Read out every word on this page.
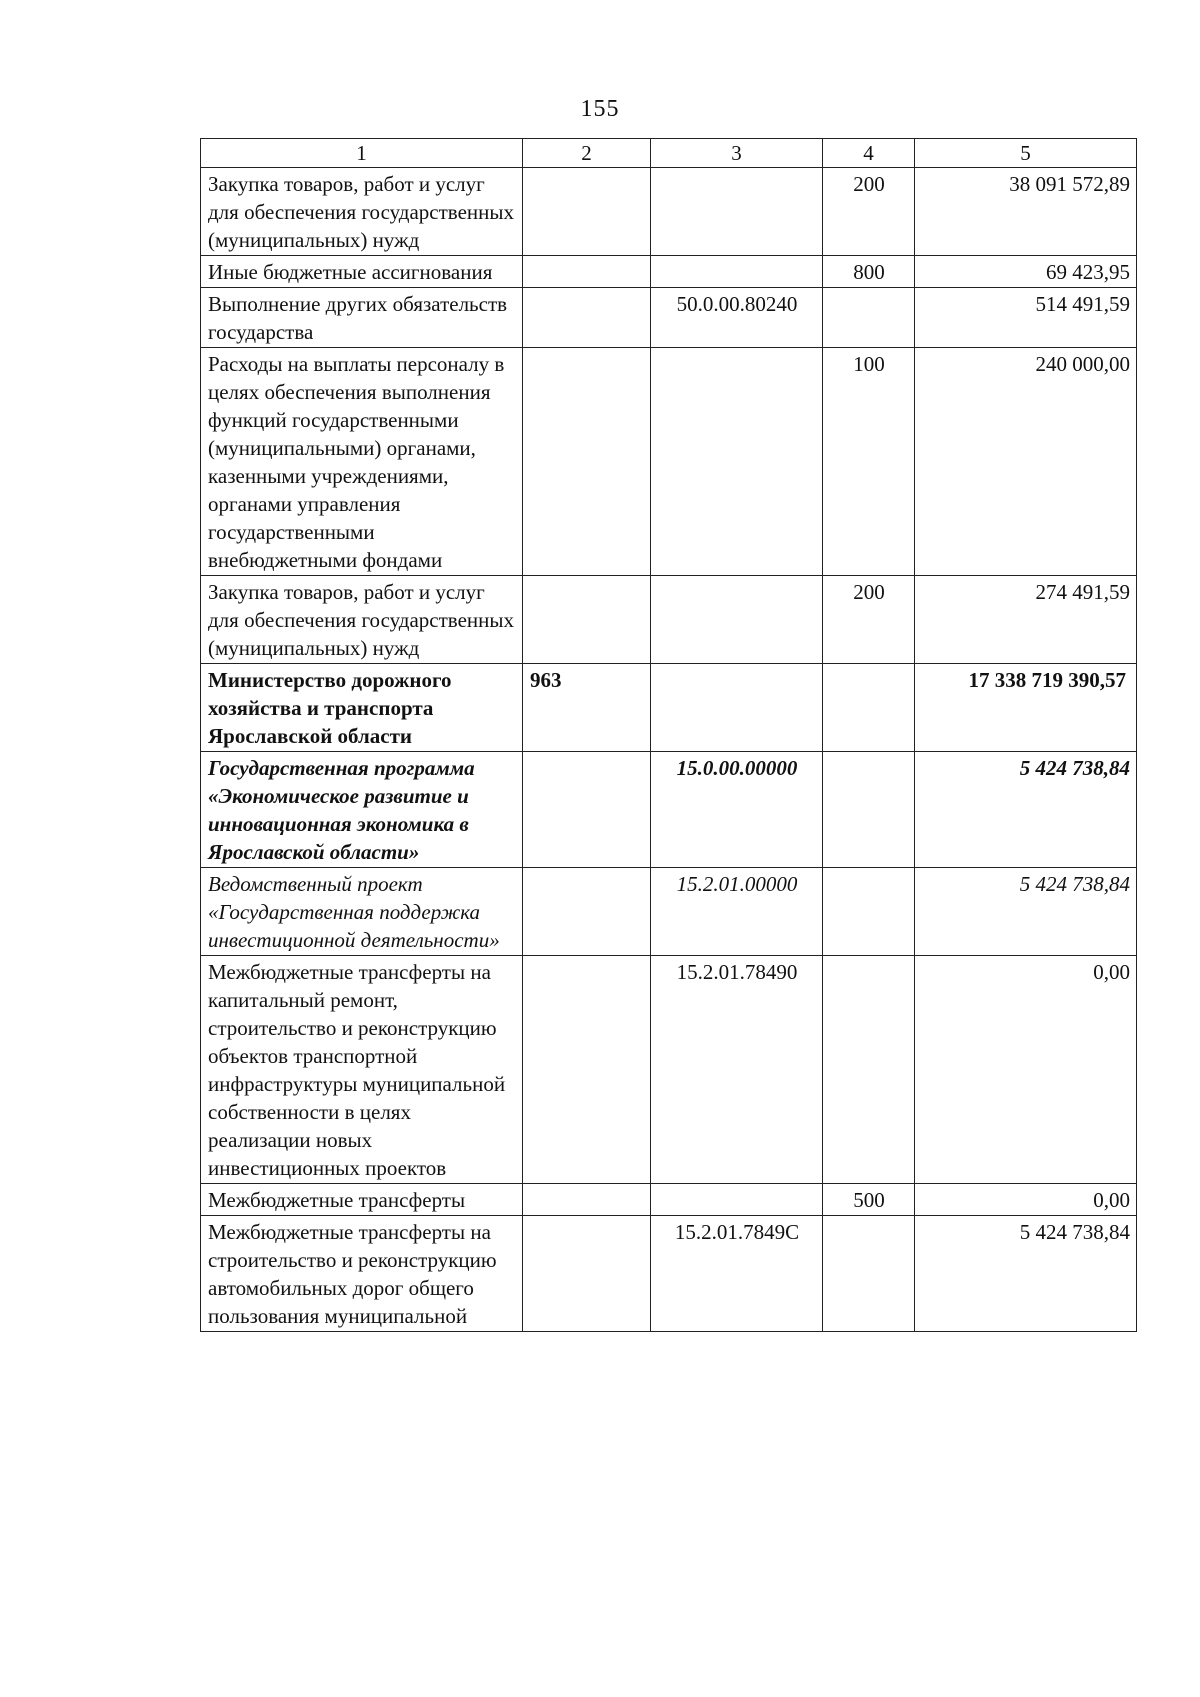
155
1	2	3	4	5
Закупка товаров, работ и услуг для обеспечения государственных (муниципальных) нужд			200	38 091 572,89
Иные бюджетные ассигнования			800	69 423,95
Выполнение других обязательств государства		50.0.00.80240		514 491,59
Расходы на выплаты персоналу в целях обеспечения выполнения функций государственными (муниципальными) органами, казенными учреждениями, органами управления государственными внебюджетными фондами			100	240 000,00
Закупка товаров, работ и услуг для обеспечения государственных (муниципальных) нужд			200	274 491,59
Министерство дорожного хозяйства и транспорта Ярославской области	963			17 338 719 390,57
Государственная программа «Экономическое развитие и инновационная экономика в Ярославской области»		15.0.00.00000		5 424 738,84
Ведомственный проект «Государственная поддержка инвестиционной деятельности»		15.2.01.00000		5 424 738,84
Межбюджетные трансферты на капитальный ремонт, строительство и реконструкцию объектов транспортной инфраструктуры муниципальной собственности в целях реализации новых инвестиционных проектов		15.2.01.78490		0,00
Межбюджетные трансферты			500	0,00
Межбюджетные трансферты на строительство и реконструкцию автомобильных дорог общего пользования муниципальной		15.2.01.7849С		5 424 738,84
